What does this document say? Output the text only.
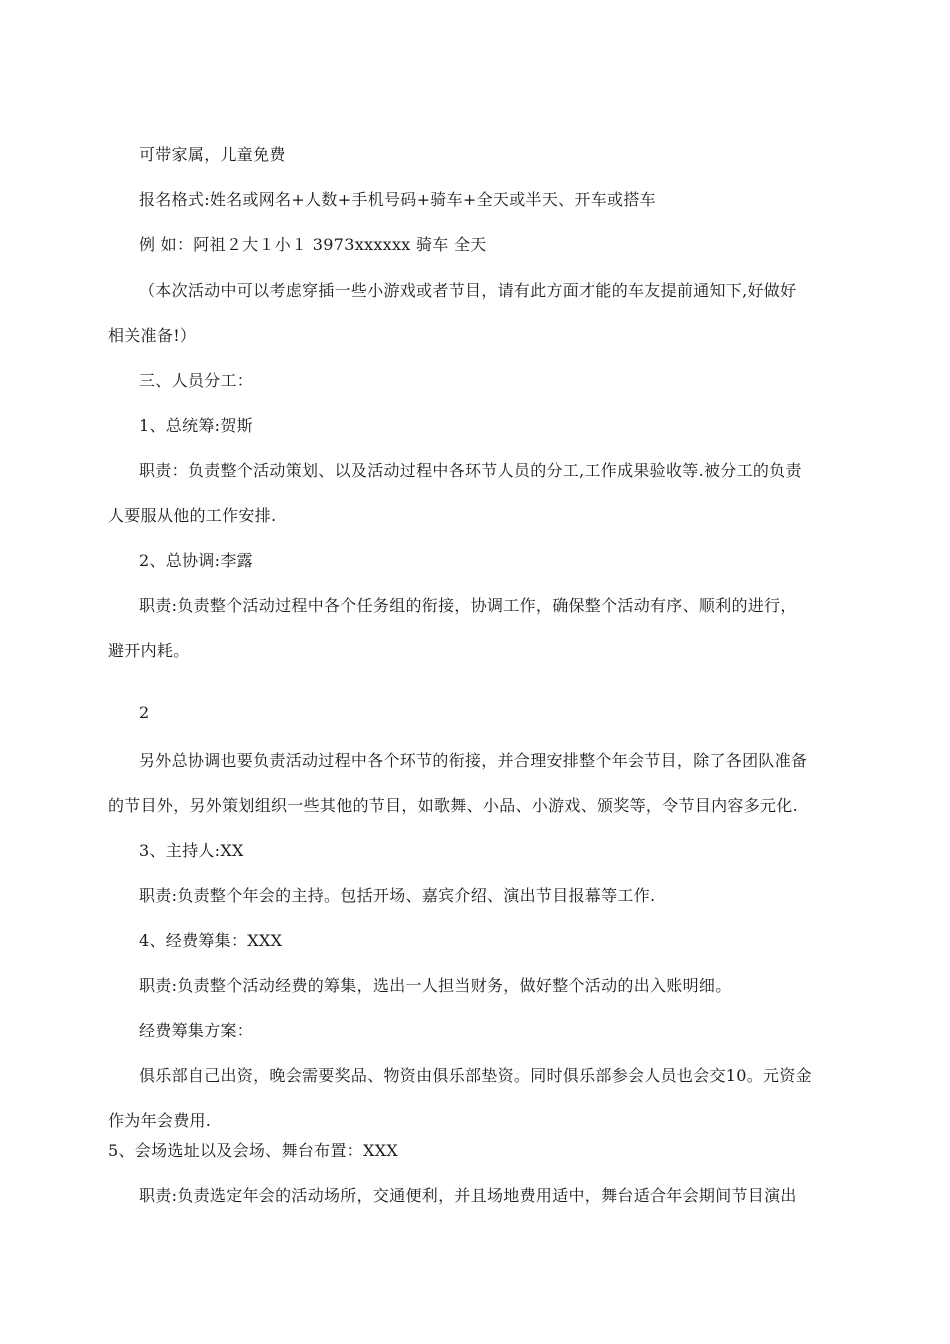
可带家属，儿童免费
报名格式:姓名或网名+人数+手机号码+骑车+全天或半天、开车或搭车
例 如：阿祖２大１小１ 3973xxxxxx 骑车 全天
（本次活动中可以考虑穿插一些小游戏或者节目，请有此方面才能的车友提前通知下,好做好
相关准备!）
三、人员分工：
1、总统筹:贺斯
职责：负责整个活动策划、以及活动过程中各环节人员的分工,工作成果验收等.被分工的负责
人要服从他的工作安排.
2、总协调:李露
职责:负责整个活动过程中各个任务组的衔接，协调工作，确保整个活动有序、顺利的进行，
避开内耗。
2
另外总协调也要负责活动过程中各个环节的衔接，并合理安排整个年会节目，除了各团队准备
的节目外，另外策划组织一些其他的节目，如歌舞、小品、小游戏、颁奖等，令节目内容多元化.
3、主持人:XX
职责:负责整个年会的主持。包括开场、嘉宾介绍、演出节目报幕等工作.
4、经费筹集：XXX
职责:负责整个活动经费的筹集，选出一人担当财务，做好整个活动的出入账明细。
经费筹集方案：
俱乐部自己出资，晚会需要奖品、物资由俱乐部垫资。同时俱乐部参会人员也会交10。元资金
作为年会费用.
5、会场选址以及会场、舞台布置：XXX
职责:负责选定年会的活动场所，交通便利，并且场地费用适中，舞台适合年会期间节目演出
